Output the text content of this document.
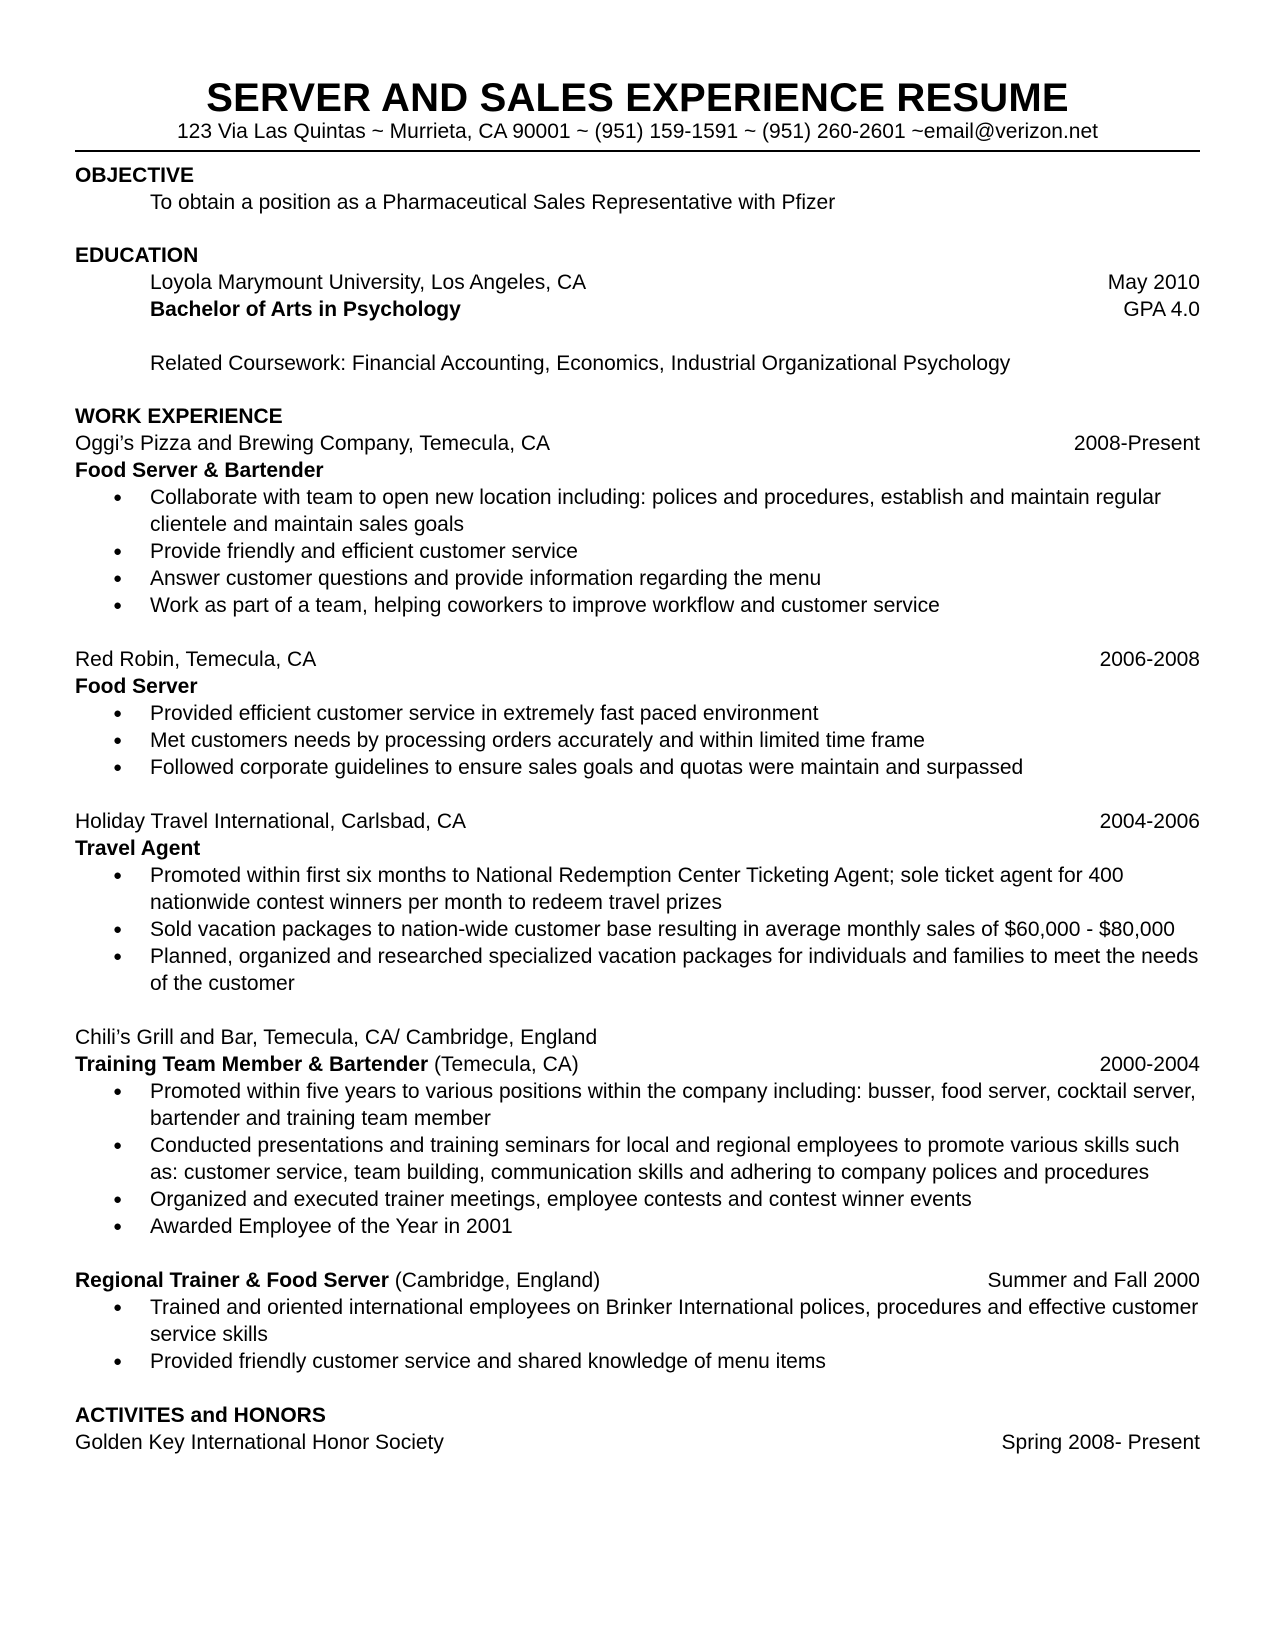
SERVER AND SALES EXPERIENCE RESUME
123 Via Las Quintas ~ Murrieta, CA 90001 ~ (951) 159-1591 ~ (951) 260-2601 ~email@verizon.net
OBJECTIVE
To obtain a position as a Pharmaceutical Sales Representative with Pfizer
EDUCATION
Loyola Marymount University, Los Angeles, CA	May 2010
Bachelor of Arts in Psychology	GPA 4.0
Related Coursework: Financial Accounting, Economics, Industrial Organizational Psychology
WORK EXPERIENCE
Oggi’s Pizza and Brewing Company, Temecula, CA	2008-Present
Food Server & Bartender
● Collaborate with team to open new location including: polices and procedures, establish and maintain regular clientele and maintain sales goals
● Provide friendly and efficient customer service
● Answer customer questions and provide information regarding the menu
● Work as part of a team, helping coworkers to improve workflow and customer service
Red Robin, Temecula, CA	2006-2008
Food Server
● Provided efficient customer service in extremely fast paced environment
● Met customers needs by processing orders accurately and within limited time frame
● Followed corporate guidelines to ensure sales goals and quotas were maintain and surpassed
Holiday Travel International, Carlsbad, CA	2004-2006
Travel Agent
● Promoted within first six months to National Redemption Center Ticketing Agent; sole ticket agent for 400 nationwide contest winners per month to redeem travel prizes
● Sold vacation packages to nation-wide customer base resulting in average monthly sales of $60,000 - $80,000
● Planned, organized and researched specialized vacation packages for individuals and families to meet the needs of the customer
Chili’s Grill and Bar, Temecula, CA/ Cambridge, England
Training Team Member & Bartender (Temecula, CA)	2000-2004
● Promoted within five years to various positions within the company including: busser, food server, cocktail server, bartender and training team member
● Conducted presentations and training seminars for local and regional employees to promote various skills such as: customer service, team building, communication skills and adhering to company polices and procedures
● Organized and executed trainer meetings, employee contests and contest winner events
● Awarded Employee of the Year in 2001
Regional Trainer & Food Server (Cambridge, England)	Summer and Fall 2000
● Trained and oriented international employees on Brinker International polices, procedures and effective customer service skills
● Provided friendly customer service and shared knowledge of menu items
ACTIVITES and HONORS
Golden Key International Honor Society	Spring 2008- Present
